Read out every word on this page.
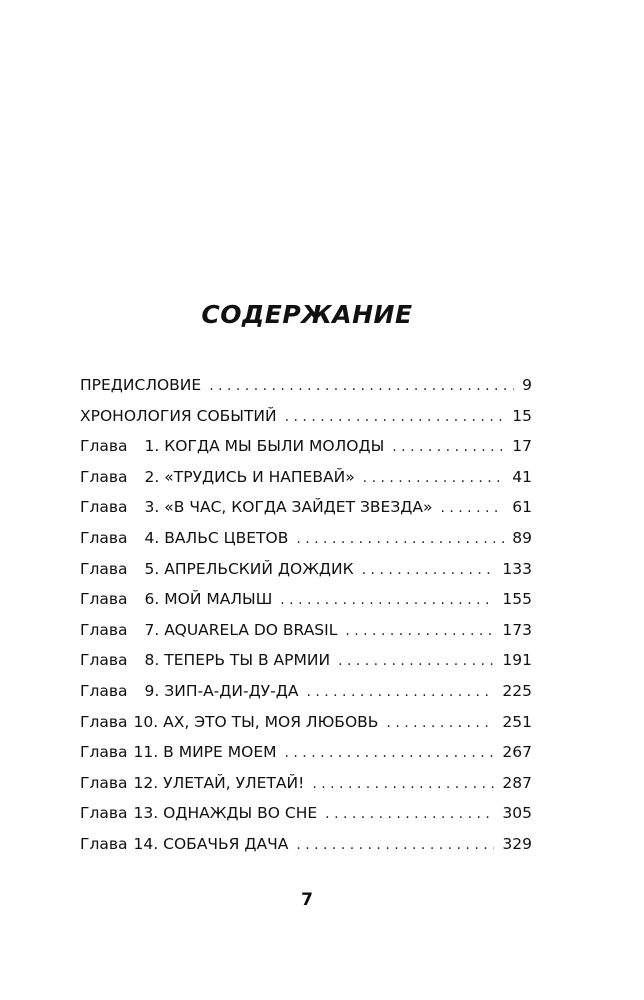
СОДЕРЖАНИЕ
ПРЕДИСЛОВИЕ . . .	9
ХРОНОЛОГИЯ СОБЫТИЙ . . .	15
Глава 1. КОГДА МЫ БЫЛИ МОЛОДЫ . . .	17
Глава 2. «ТРУДИСЬ И НАПЕВАЙ» . . .	41
Глава 3. «В ЧАС, КОГДА ЗАЙДЕТ ЗВЕЗДА» . . .	61
Глава 4. ВАЛЬС ЦВЕТОВ . . .	89
Глава 5. АПРЕЛЬСКИЙ ДОЖДИК . . .	133
Глава 6. МОЙ МАЛЫШ . . .	155
Глава 7. AQUARELA DO BRASIL . . .	173
Глава 8. ТЕПЕРЬ ТЫ В АРМИИ . . .	191
Глава 9. ЗИП-А-ДИ-ДУ-ДА . . .	225
Глава 10. АХ, ЭТО ТЫ, МОЯ ЛЮБОВЬ . . .	251
Глава 11. В МИРЕ МОЕМ . . .	267
Глава 12. УЛЕТАЙ, УЛЕТАЙ! . . .	287
Глава 13. ОДНАЖДЫ ВО СНЕ . . .	305
Глава 14. СОБАЧЬЯ ДАЧА . . .	329
7
